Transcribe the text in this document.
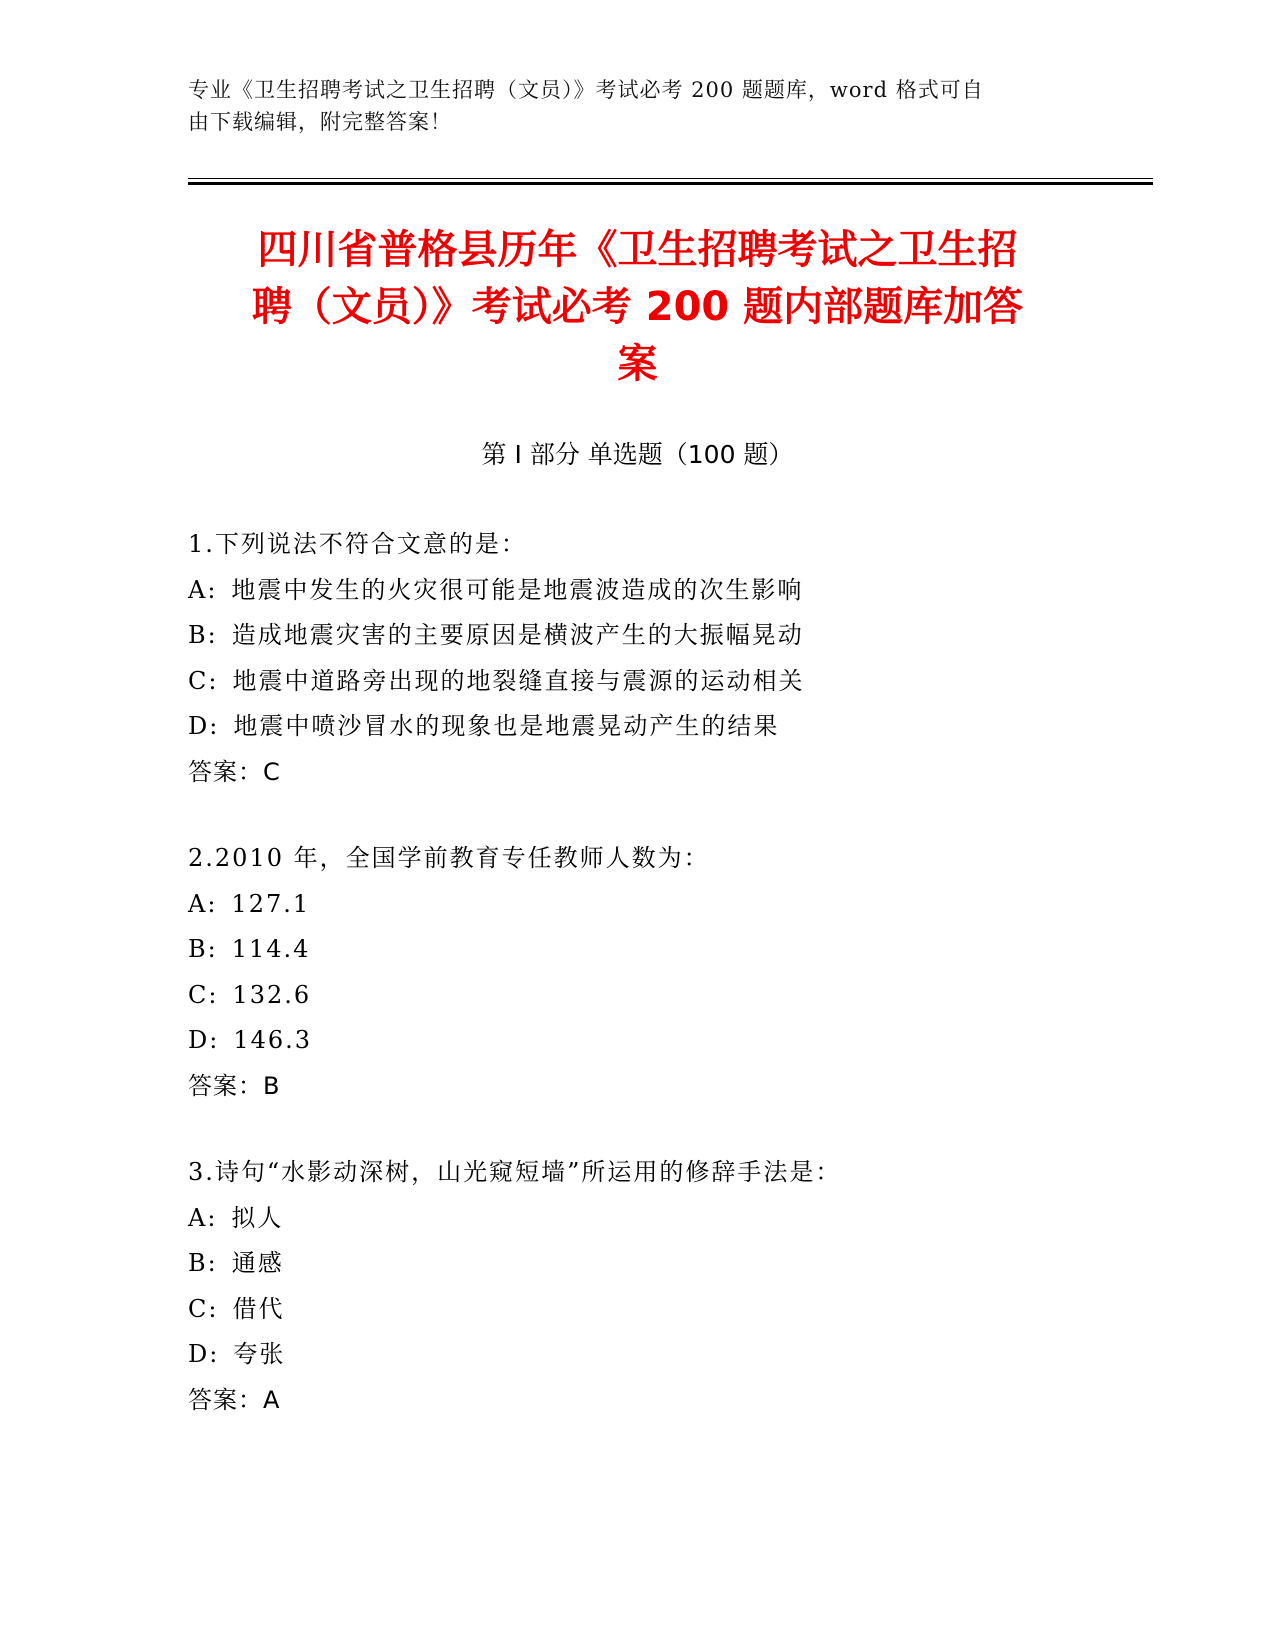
专业《卫生招聘考试之卫生招聘（文员）》考试必考 200 题题库，word 格式可自
由下载编辑，附完整答案！
四川省普格县历年《卫生招聘考试之卫生招
聘（文员）》考试必考 200 题内部题库加答
案
第 I 部分 单选题（100 题）
1.下列说法不符合文意的是：
A: 地震中发生的火灾很可能是地震波造成的次生影响
B: 造成地震灾害的主要原因是横波产生的大振幅晃动
C: 地震中道路旁出现的地裂缝直接与震源的运动相关
D: 地震中喷沙冒水的现象也是地震晃动产生的结果
答案：C
2.2010 年，全国学前教育专任教师人数为：
A: 127.1
B: 114.4
C: 132.6
D: 146.3
答案：B
3.诗句“水影动深树，山光窥短墙”所运用的修辞手法是：
A: 拟人
B: 通感
C: 借代
D: 夸张
答案：A
